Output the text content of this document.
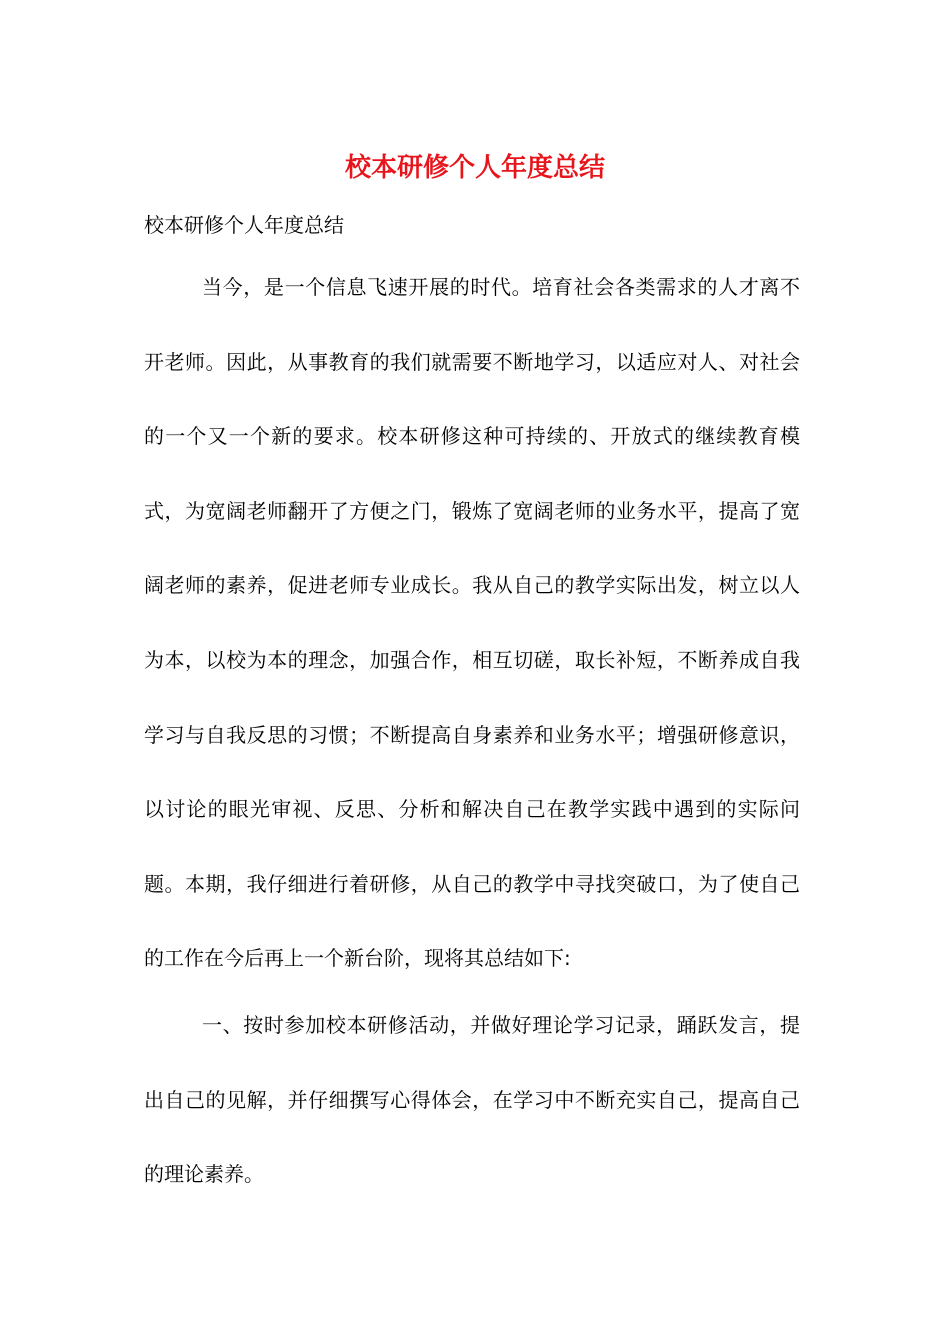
校本研修个人年度总结
校本研修个人年度总结

当今，是一个信息飞速开展的时代。培育社会各类需求的人才离不开老师。因此，从事教育的我们就需要不断地学习，以适应对人、对社会的一个又一个新的要求。校本研修这种可持续的、开放式的继续教育模式，为宽阔老师翻开了方便之门，锻炼了宽阔老师的业务水平，提高了宽阔老师的素养，促进老师专业成长。我从自己的教学实际出发，树立以人为本，以校为本的理念，加强合作，相互切磋，取长补短，不断养成自我学习与自我反思的习惯；不断提高自身素养和业务水平；增强研修意识，以讨论的眼光审视、反思、分析和解决自己在教学实践中遇到的实际问题。本期，我仔细进行着研修，从自己的教学中寻找突破口，为了使自己的工作在今后再上一个新台阶，现将其总结如下:

一、按时参加校本研修活动，并做好理论学习记录，踊跃发言，提出自己的见解，并仔细撰写心得体会，在学习中不断充实自己，提高自己的理论素养。
